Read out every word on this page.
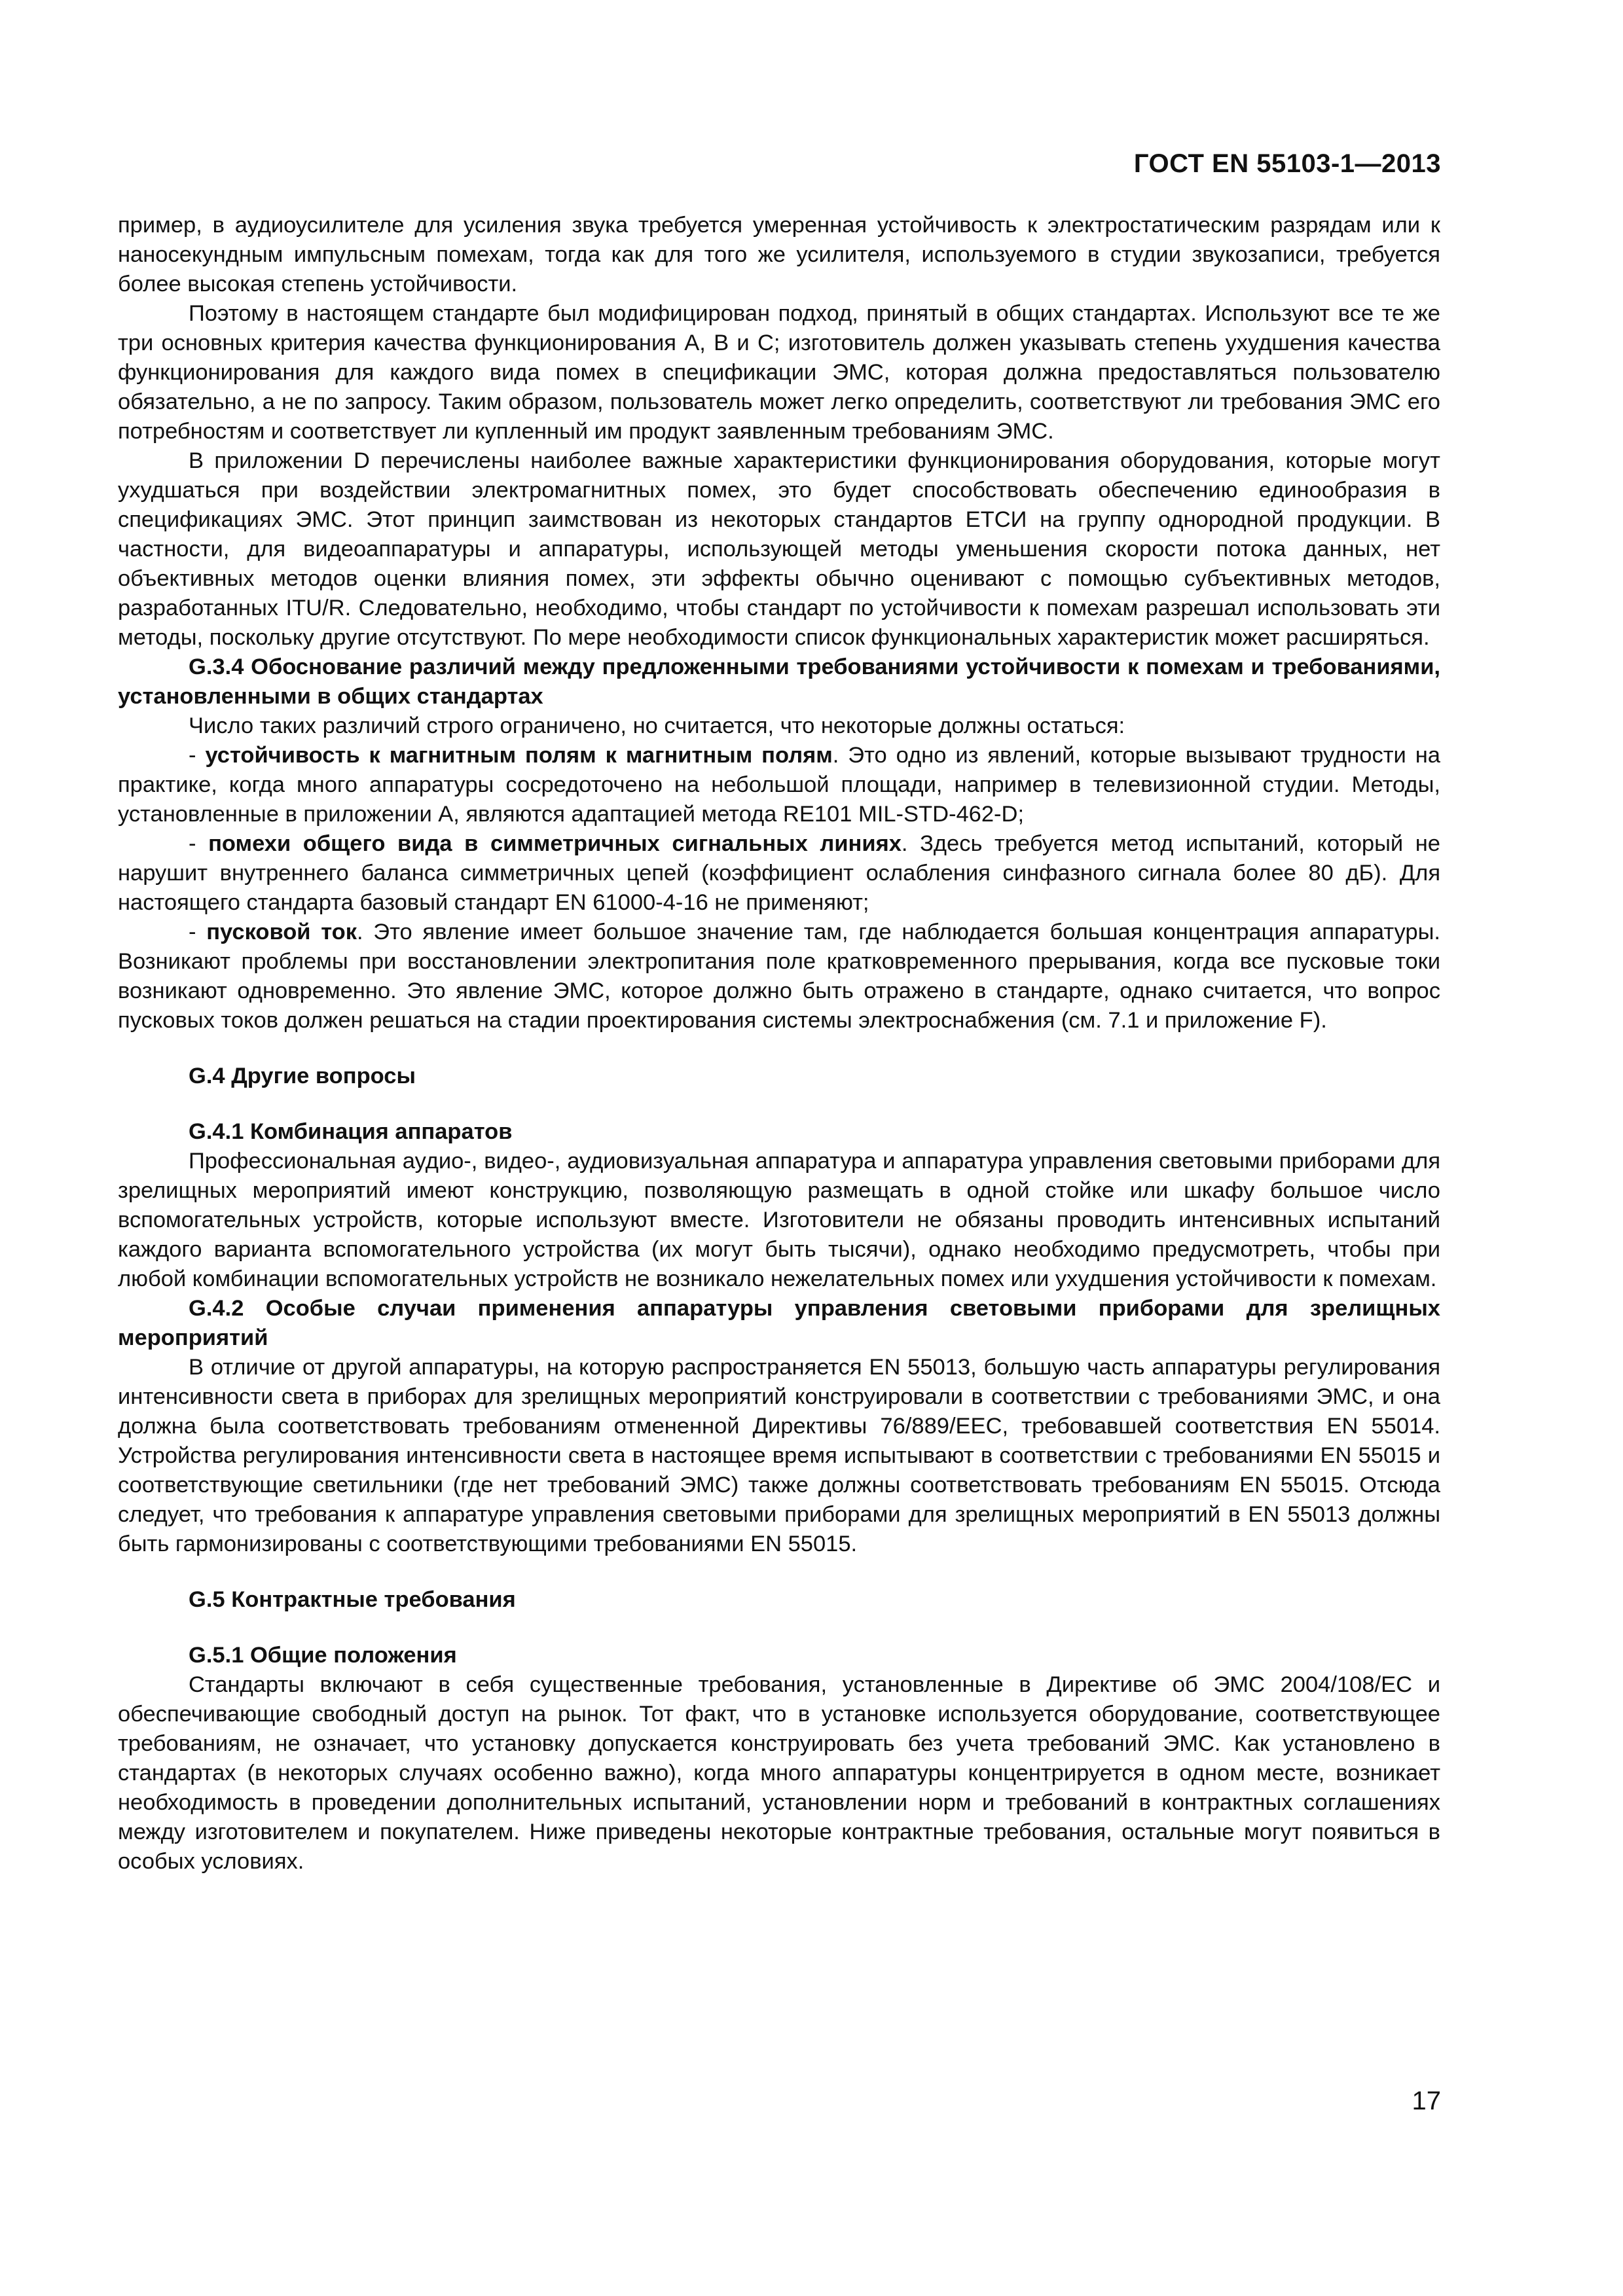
ГОСТ EN 55103-1—2013

пример, в аудиоусилителе для усиления звука требуется умеренная устойчивость к электростатическим разрядам или к наносекундным импульсным помехам, тогда как для того же усилителя, используемого в студии звукозаписи, требуется более высокая степень устойчивости.

Поэтому в настоящем стандарте был модифицирован подход, принятый в общих стандартах. Используют все те же три основных критерия качества функционирования A, B и C; изготовитель должен указывать степень ухудшения качества функционирования для каждого вида помех в спецификации ЭМС, которая должна предоставляться пользователю обязательно, а не по запросу. Таким образом, пользователь может легко определить, соответствуют ли требования ЭМС его потребностям и соответствует ли купленный им продукт заявленным требованиям ЭМС.

В приложении D перечислены наиболее важные характеристики функционирования оборудования, которые могут ухудшаться при воздействии электромагнитных помех, это будет способствовать обеспечению единообразия в спецификациях ЭМС. Этот принцип заимствован из некоторых стандартов ЕТСИ на группу однородной продукции. В частности, для видеоаппаратуры и аппаратуры, использующей методы уменьшения скорости потока данных, нет объективных методов оценки влияния помех, эти эффекты обычно оценивают с помощью субъективных методов, разработанных ITU/R. Следовательно, необходимо, чтобы стандарт по устойчивости к помехам разрешал использовать эти методы, поскольку другие отсутствуют. По мере необходимости список функциональных характеристик может расширяться.

G.3.4 Обоснование различий между предложенными требованиями устойчивости к помехам и требованиями, установленными в общих стандартах

Число таких различий строго ограничено, но считается, что некоторые должны остаться:

- устойчивость к магнитным полям к магнитным полям. Это одно из явлений, которые вызывают трудности на практике, когда много аппаратуры сосредоточено на небольшой площади, например в телевизионной студии. Методы, установленные в приложении А, являются адаптацией метода RE101 MIL-STD-462-D;

- помехи общего вида в симметричных сигнальных линиях. Здесь требуется метод испытаний, который не нарушит внутреннего баланса симметричных цепей (коэффициент ослабления синфазного сигнала более 80 дБ). Для настоящего стандарта базовый стандарт EN 61000-4-16 не применяют;

- пусковой ток. Это явление имеет большое значение там, где наблюдается большая концентрация аппаратуры. Возникают проблемы при восстановлении электропитания поле кратковременного прерывания, когда все пусковые токи возникают одновременно. Это явление ЭМС, которое должно быть отражено в стандарте, однако считается, что вопрос пусковых токов должен решаться на стадии проектирования системы электроснабжения (см. 7.1 и приложение F).

G.4 Другие вопросы

G.4.1 Комбинация аппаратов

Профессиональная аудио-, видео-, аудиовизуальная аппаратура и аппаратура управления световыми приборами для зрелищных мероприятий имеют конструкцию, позволяющую размещать в одной стойке или шкафу большое число вспомогательных устройств, которые используют вместе. Изготовители не обязаны проводить интенсивных испытаний каждого варианта вспомогательного устройства (их могут быть тысячи), однако необходимо предусмотреть, чтобы при любой комбинации вспомогательных устройств не возникало нежелательных помех или ухудшения устойчивости к помехам.

G.4.2 Особые случаи применения аппаратуры управления световыми приборами для зрелищных мероприятий

В отличие от другой аппаратуры, на которую распространяется EN 55013, большую часть аппаратуры регулирования интенсивности света в приборах для зрелищных мероприятий конструировали в соответствии с требованиями ЭМС, и она должна была соответствовать требованиям отмененной Директивы 76/889/EEC, требовавшей соответствия EN 55014. Устройства регулирования интенсивности света в настоящее время испытывают в соответствии с требованиями EN 55015 и соответствующие светильники (где нет требований ЭМС) также должны соответствовать требованиям EN 55015. Отсюда следует, что требования к аппаратуре управления световыми приборами для зрелищных мероприятий в EN 55013 должны быть гармонизированы с соответствующими требованиями EN 55015.

G.5 Контрактные требования

G.5.1 Общие положения

Стандарты включают в себя существенные требования, установленные в Директиве об ЭМС 2004/108/ЕС и обеспечивающие свободный доступ на рынок. Тот факт, что в установке используется оборудование, соответствующее требованиям, не означает, что установку допускается конструировать без учета требований ЭМС. Как установлено в стандартах (в некоторых случаях особенно важно), когда много аппаратуры концентрируется в одном месте, возникает необходимость в проведении дополнительных испытаний, установлении норм и требований в контрактных соглашениях между изготовителем и покупателем. Ниже приведены некоторые контрактные требования, остальные могут появиться в особых условиях.

17
